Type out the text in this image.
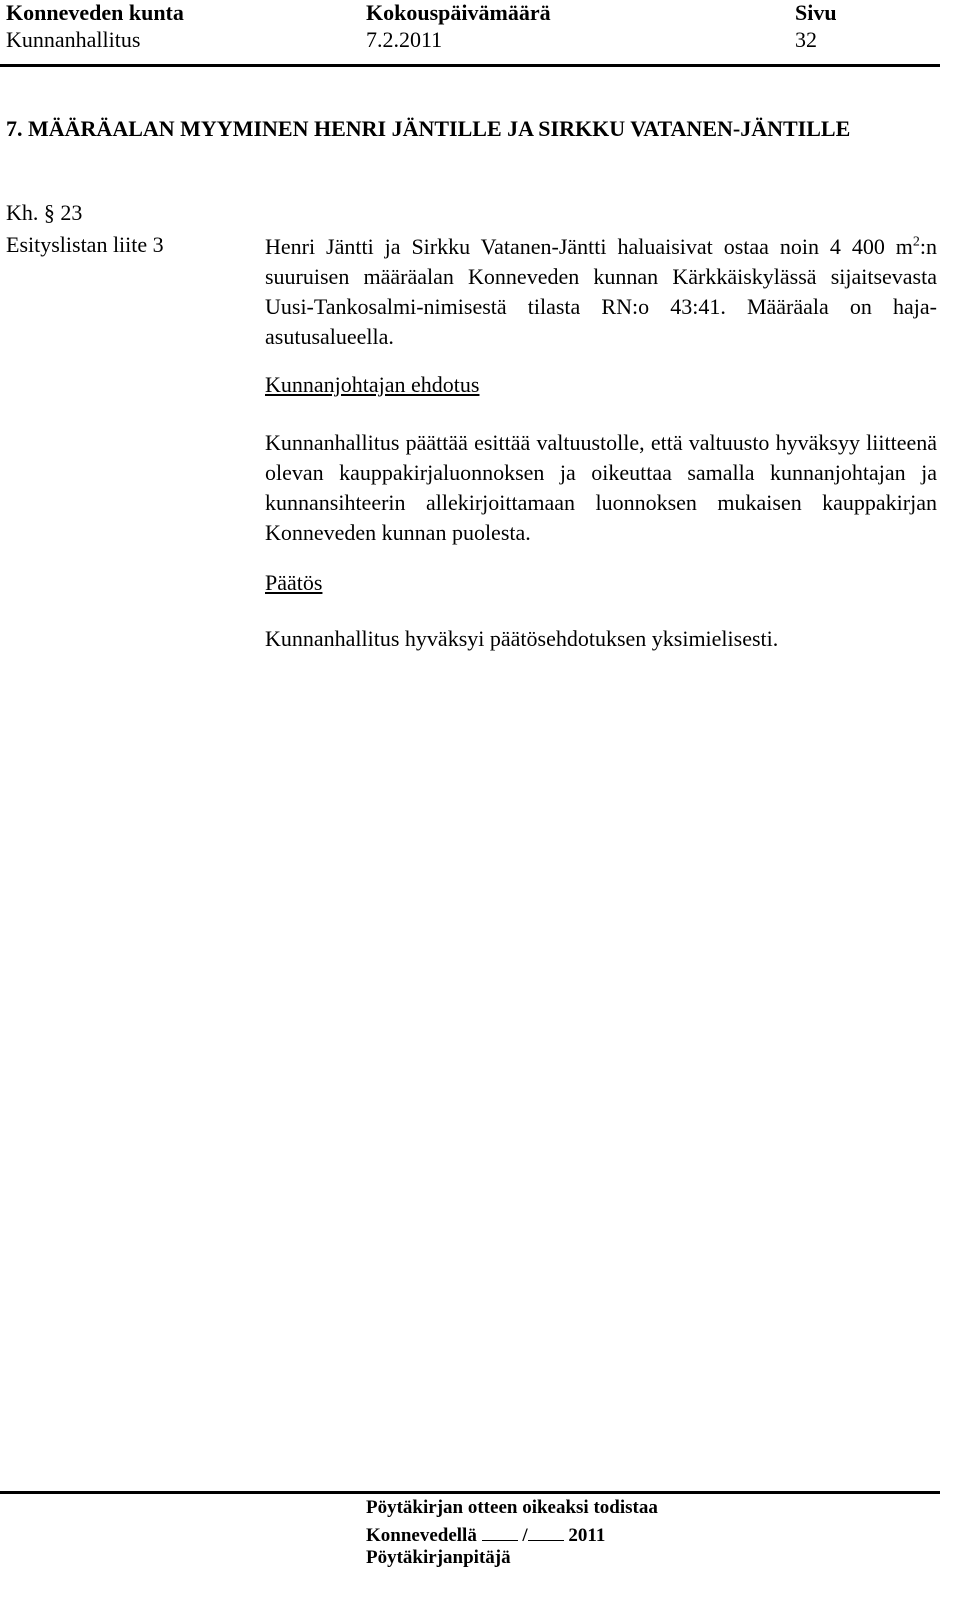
Konneveden kunta
Kunnanhallitus
Kokouspäivämäärä
7.2.2011
Sivu
32
7. MÄÄRÄALAN MYYMINEN HENRI JÄNTILLE JA SIRKKU VATANEN-JÄNTILLE
Kh. § 23
Esityslistan liite 3	Henri Jäntti ja Sirkku Vatanen-Jäntti haluaisivat ostaa noin 4 400 $m^2:n$ suuruisen määräalan Konneveden kunnan Kärkkäiskylässä sijaitsevasta Uusi-Tankosalmi-nimisestä tilasta RN:o 43:41. Määräala on haja-asutusalueella.
Kunnanjohtajan ehdotus
Kunnanhallitus päättää esittää valtuustolle, että valtuusto hyväksyy liitteenä olevan kauppakirjaluonnoksen ja oikeuttaa samalla kunnanjohtajan ja kunnansihteerin allekirjoittamaan luonnoksen mukaisen kauppakirjan Konneveden kunnan puolesta.
Päätös
Kunnanhallitus hyväksyi päätösehdotuksen yksimielisesti.
Pöytäkirjan otteen oikeaksi todistaa
Konnevedellä / 2011
Pöytäkirjanpitäjä
